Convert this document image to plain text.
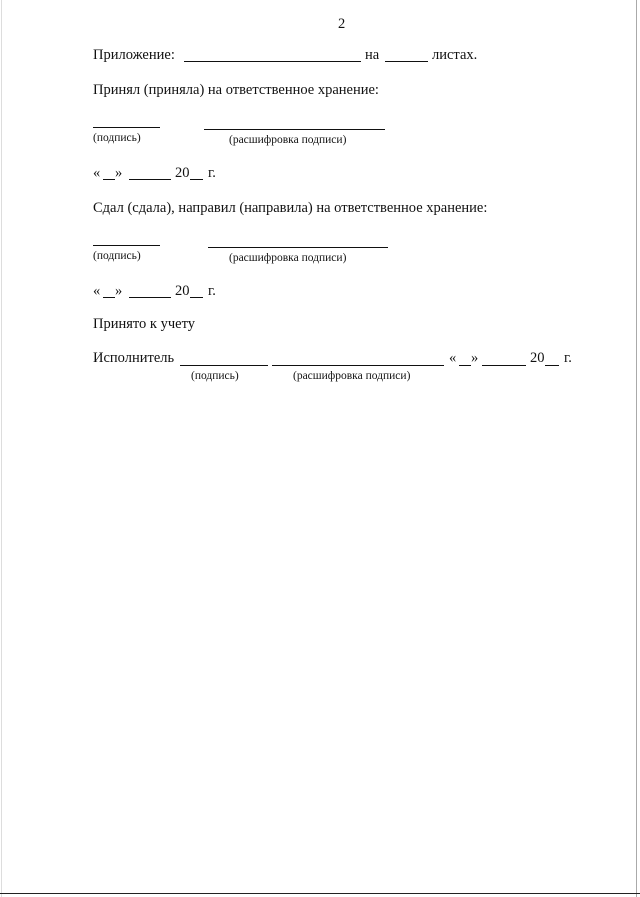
2
Приложение:	на	листах.
Принял (приняла) на ответственное хранение:
(подпись)	(расшифровка подписи)
« »	20 г.
Сдал (сдала), направил (направила) на ответственное хранение:
(подпись)	(расшифровка подписи)
« »	20 г.
Принято к учету
Исполнитель	« »	20 г.
(подпись)	(расшифровка подписи)
